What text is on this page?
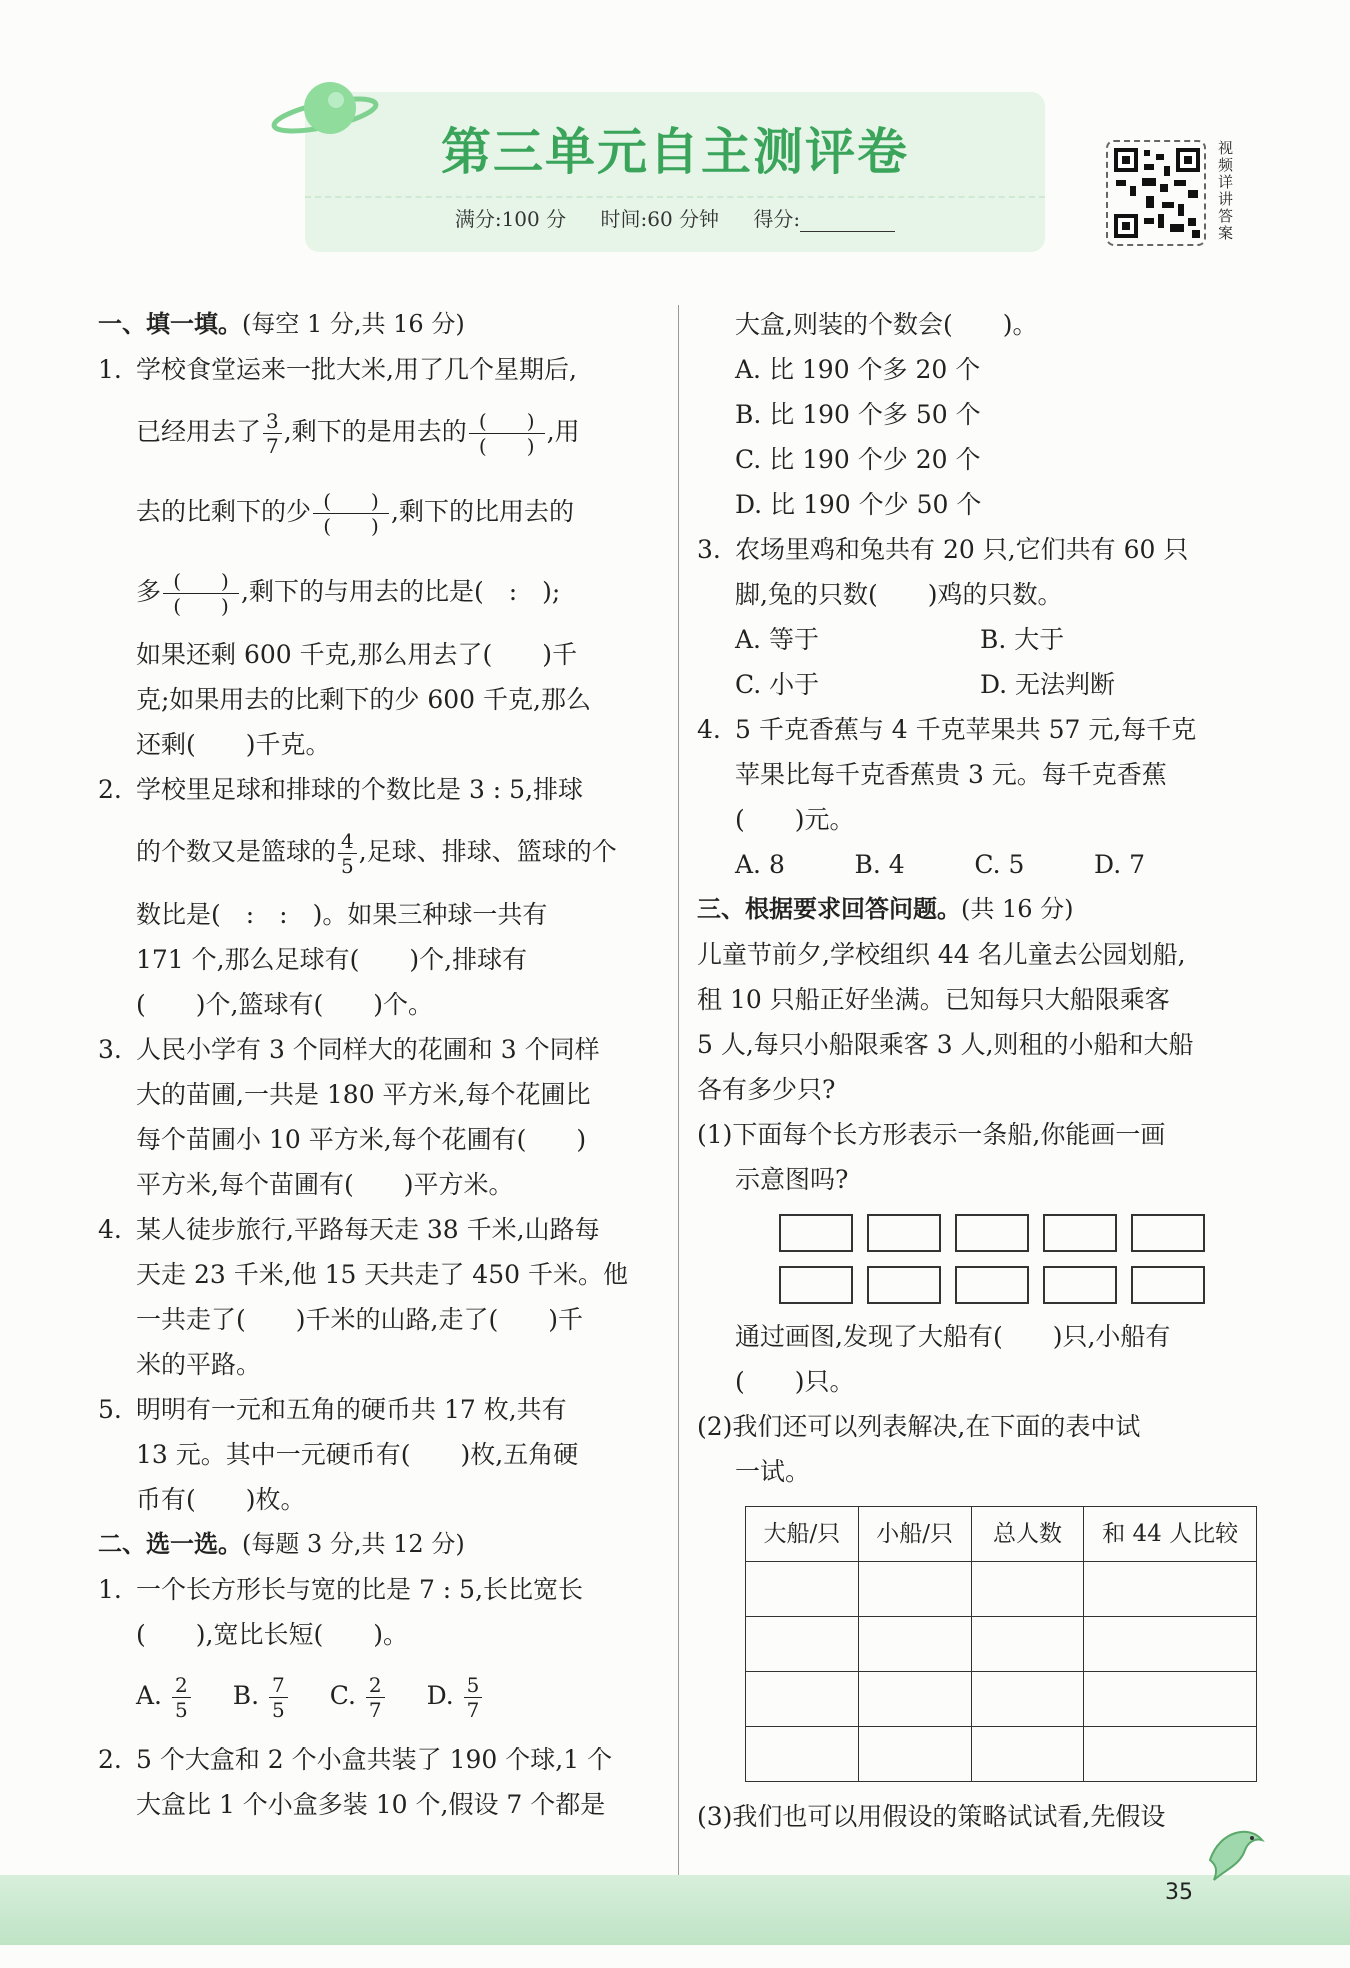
第三单元自主测评卷
满分:100 分 时间:60 分钟 得分:
视频详讲答案
一、填一填。(每空 1 分,共 16 分)
1. 学校食堂运来一批大米,用了几个星期后,
已经用去了 $\frac{3}{7}$ ,剩下的是用去的 $\frac{( )}{( )}$ ,用
去的比剩下的少 $\frac{( )}{( )}$ ,剩下的比用去的
多 $\frac{( )}{( )}$ ,剩下的与用去的比是(　:　);
如果还剩 600 千克,那么用去了(　　)千
克;如果用去的比剩下的少 600 千克,那么
还剩(　　)千克。
2. 学校里足球和排球的个数比是 3 : 5,排球
的个数又是篮球的 $\frac{4}{5}$ ,足球、排球、篮球的个
数比是(　:　:　)。如果三种球一共有
171 个,那么足球有(　　)个,排球有
(　　)个,篮球有(　　)个。
3. 人民小学有 3 个同样大的花圃和 3 个同样
大的苗圃,一共是 180 平方米,每个花圃比
每个苗圃小 10 平方米,每个花圃有(　　)
平方米,每个苗圃有(　　)平方米。
4. 某人徒步旅行,平路每天走 38 千米,山路每
天走 23 千米,他 15 天共走了 450 千米。他
一共走了(　　)千米的山路,走了(　　)千
米的平路。
5. 明明有一元和五角的硬币共 17 枚,共有
13 元。其中一元硬币有(　　)枚,五角硬
币有(　　)枚。
二、选一选。(每题 3 分,共 12 分)
1. 一个长方形长与宽的比是 7 : 5,长比宽长
(　　),宽比长短(　　)。
A. $\frac{2}{5} B$. $\frac{7}{5} C$. $\frac{2}{7} D$. $\frac{5}{7}$
2. 5 个大盒和 2 个小盒共装了 190 个球,1 个
大盒比 1 个小盒多装 10 个,假设 7 个都是
大盒,则装的个数会(　　)。
A. 比 190 个多 20 个
B. 比 190 个多 50 个
C. 比 190 个少 20 个
D. 比 190 个少 50 个
3. 农场里鸡和兔共有 20 只,它们共有 60 只
脚,兔的只数(　　)鸡的只数。
A. 等于	B. 大于
C. 小于	D. 无法判断
4. 5 千克香蕉与 4 千克苹果共 57 元,每千克
苹果比每千克香蕉贵 3 元。每千克香蕉
(　　)元。
A. 8	B. 4	C. 5	D. 7
三、根据要求回答问题。(共 16 分)
儿童节前夕,学校组织 44 名儿童去公园划船,
租 10 只船正好坐满。已知每只大船限乘客
5 人,每只小船限乘客 3 人,则租的小船和大船
各有多少只?
(1)下面每个长方形表示一条船,你能画一画
示意图吗?
通过画图,发现了大船有(　　)只,小船有
(　　)只。
(2)我们还可以列表解决,在下面的表中试
一试。
大船/只	小船/只	总人数	和 44 人比较

(3)我们也可以用假设的策略试试看,先假设
35
